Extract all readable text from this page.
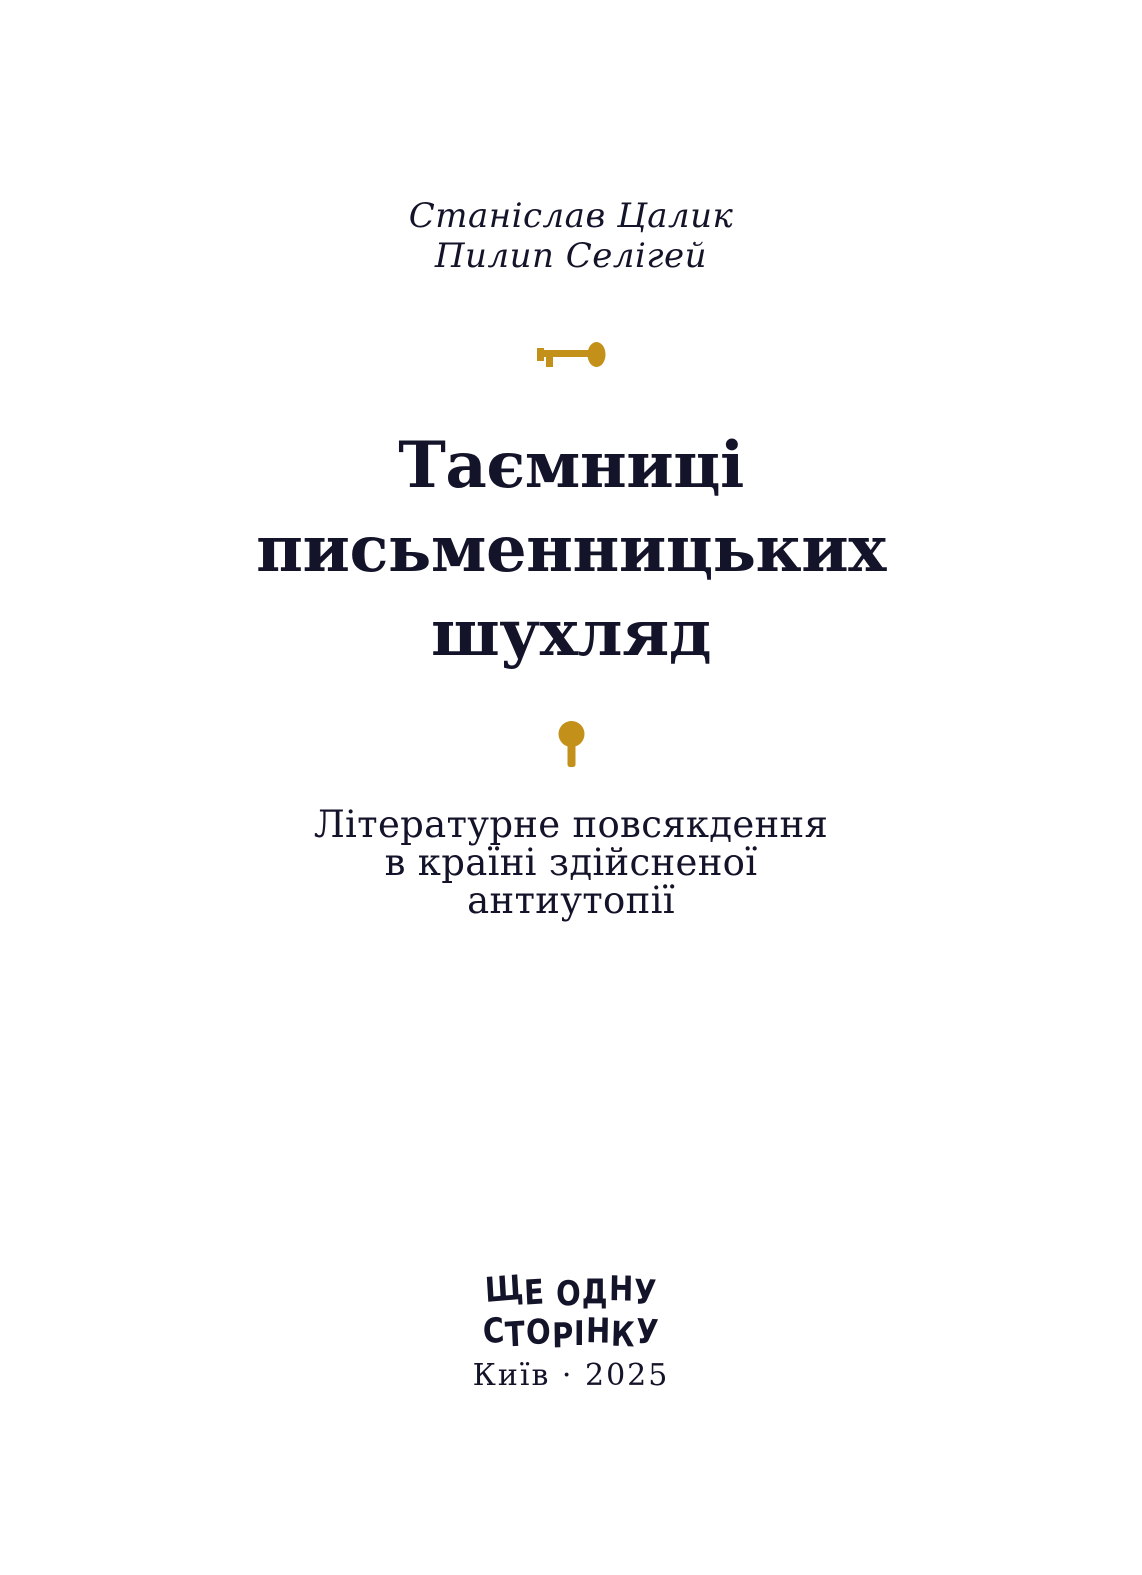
Станіслав Цалик
Пилип Селігей
Таємниці
письменницьких
шухляд
Літературне повсякдення
в країні здійсненої
антиутопії
ЩЕ ОДНУ
СТОРІНКУ
Київ · 2025
